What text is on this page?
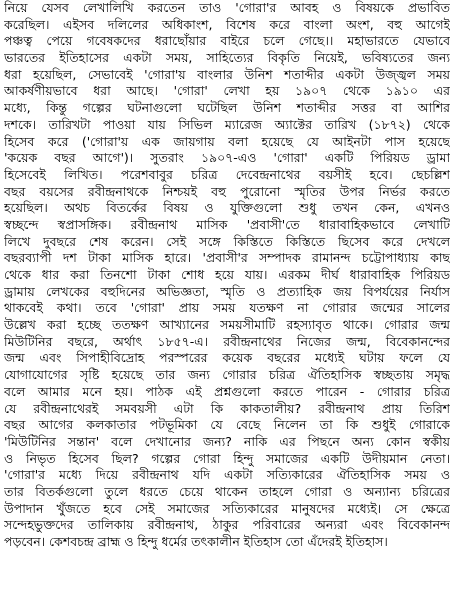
নিয়ে যেসব লেখালিখি করতেন তাও 'গোরা'র আবহ ও বিষয়কে প্রভাবিত
করেছিল। এইসব দলিলের অধিকাংশ, বিশেষ করে বাংলা অংশ, বহু আগেই
পঞ্চত্ব পেয়ে গবেষকদের ধরাছোঁয়ার বাইরে চলে গেছে।। মহাভারতে যেভাবে
ভারতের ইতিহাসের একটা সময়, সাহিত্যের বিকৃতি নিয়েই, ভবিষ্যতের জন্য
ধরা হয়েছিল, সেভাবেই 'গোরা'য় বাংলার উনিশ শতাব্দীর একটা উজ্জ্বল সময়
আকর্ষণীয়ভাবে ধরা আছে। 'গোরা' লেখা হয় ১৯০৭ থেকে ১৯১০ এর
মধ্যে, কিন্তু গল্পের ঘটনাগুলো ঘটেছিল উনিশ শতাব্দীর সত্তর বা আশির
দশকে। তারিখটা পাওয়া যায় সিভিল ম্যারেজ অ্যাক্টের তারিখ (১৮৭২) থেকে
হিসেব করে ('গোরা'য় এক জায়গায় বলা হয়েছে যে আইনটা পাস হয়েছে
'কয়েক বছর আগে')। সুতরাং ১৯০৭-এও 'গোরা' একটি পিরিয়ড ড্রামা
হিসেবেই লিখিত। পরেশবাবুর চরিত্র দেবেন্দ্রনাথের বয়সীই হবে। ছেচল্লিশ
বছর বয়সের রবীন্দ্রনাথকে নিশ্চয়ই বহু পুরোনো স্মৃতির উপর নির্ভর করতে
হয়েছিল। অথচ বিতর্কের বিষয় ও যুক্তিগুলো শুধু তখন কেন, এখনও
স্বচ্ছন্দে স্বপ্রাসঙ্গিক। রবীন্দ্রনাথ মাসিক 'প্রবাসী'তে ধারাবাহিকভাবে লেখাটি
লিখে দুবছরে শেষ করেন। সেই সঙ্গে কিস্তিতে কিস্তিতে ছিসেব করে দেখলে
বছরব্যাপী দশ টাকা মাসিক হারে। 'প্রবাসী'র সম্পাদক রামানন্দ চট্টোপাধ্যায় কাছ
থেকে ধার করা তিনশো টাকা শোধ হয়ে যায়। এরকম দীর্ঘ ধারাবাহিক পিরিয়ড
ড্রামায় লেখকের বহুদিনের অভিজ্ঞতা, স্মৃতি ও প্রত্যাহিক জয় বিপর্যয়ের নির্যাস
থাকবেই কথা। তবে 'গোরা' প্রায় সময় যতক্ষণ না গোরার জন্মের সালের
উল্লেখ করা হচ্ছে ততক্ষণ আখ্যানের সময়সীমাটি রহস্যাবৃত থাকে। গোরার জন্ম
মিউটিনির বছরে, অর্থাৎ ১৮৫৭-এ। রবীন্দ্রনাথের নিজের জন্ম, বিবেকানন্দের
জন্ম এবং সিপাহীবিদ্রোহ পরস্পরের কয়েক বছরের মধ্যেই ঘটায় ফলে যে
যোগাযোগের সৃষ্টি হয়েছে তার জন্য গোরার চরিত্র ঐতিহাসিক স্বচ্ছতায় সমৃদ্ধ
বলে আমার মনে হয়। পাঠক এই প্রশ্নগুলো করতে পারেন - গোরার চরিত্র
যে রবীন্দ্রনাথেরই সমবয়সী এটা কি কাকতালীয়? রবীন্দ্রনাথ প্রায় তিরিশ
বছর আগের কলকাতার পটভূমিকা যে বেছে নিলেন তা কি শুধুই গোরাকে
'মিউটিনির সন্তান' বলে দেখানোর জন্য? নাকি এর পিছনে অন্য কোন স্বকীয়
ও নিভৃত হিসেব ছিল? গল্পের গোরা হিন্দু সমাজের একটি উদীয়মান নেতা।
'গোরা'র মধ্যে দিয়ে রবীন্দ্রনাথ যদি একটা সত্যিকারের ঐতিহাসিক সময় ও
তার বিতর্কগুলো তুলে ধরতে চেয়ে থাকেন তাহলে গোরা ও অন্যান্য চরিত্রের
উপাদান খুঁজতে হবে সেই সমাজের সত্যিকারের মানুষদের মধ্যেই। সে ক্ষেত্রে
সন্দেহভুক্তদের তালিকায় রবীন্দ্রনাথ, ঠাকুর পরিবারের অন্যরা এবং বিবেকানন্দ
পড়বেন। কেশবচন্দ্র ব্রাহ্ম ও হিন্দু ধর্মের তৎকালীন ইতিহাস তো এঁদেরই ইতিহাস।
